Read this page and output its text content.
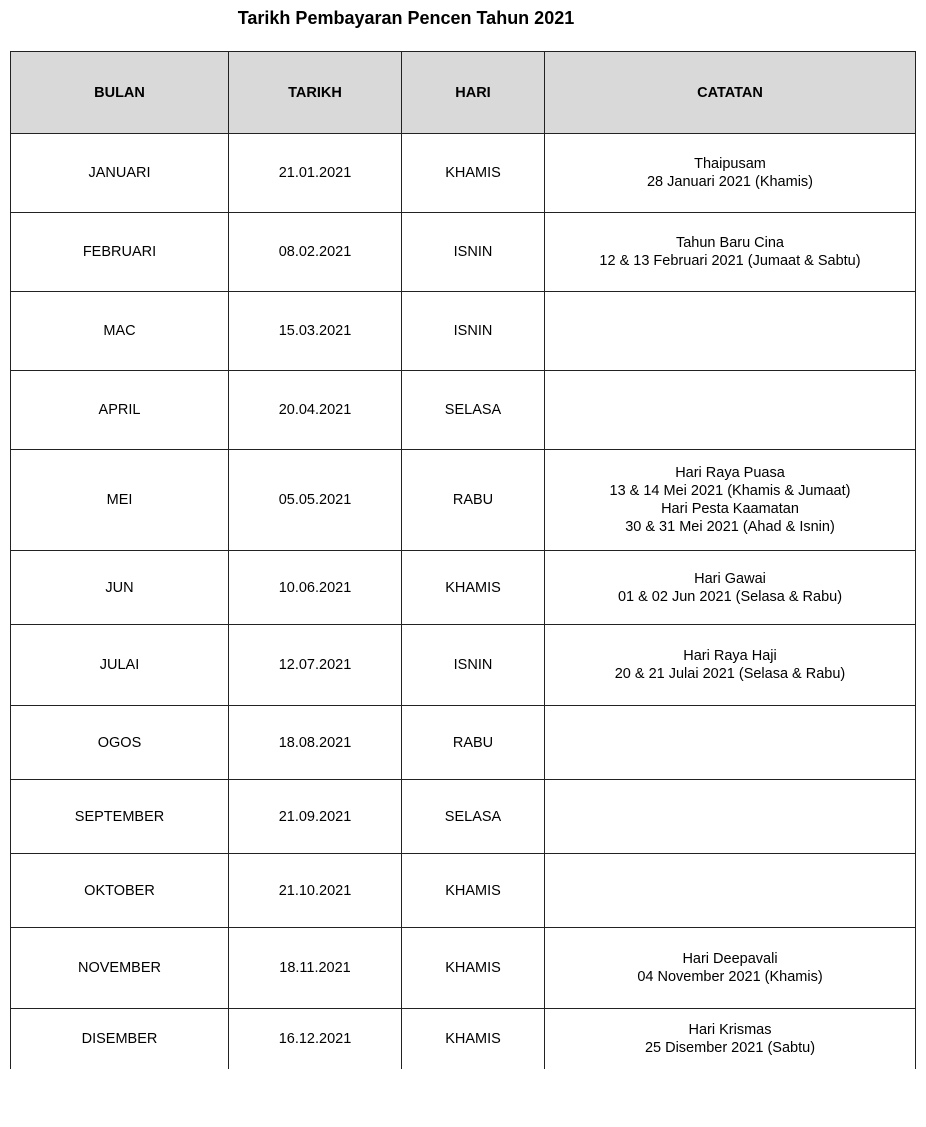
Tarikh Pembayaran Pencen Tahun 2021
BULAN	TARIKH	HARI	CATATAN
JANUARI	21.01.2021	KHAMIS	Thaipusam
28 Januari 2021 (Khamis)

FEBRUARI	08.02.2021	ISNIN	Tahun Baru Cina
12 & 13 Februari 2021 (Jumaat & Sabtu)

MAC	15.03.2021	ISNIN	
APRIL	20.04.2021	SELASA	
MEI	05.05.2021	RABU	Hari Raya Puasa
13 & 14 Mei 2021 (Khamis & Jumaat)
Hari Pesta Kaamatan
30 & 31 Mei 2021 (Ahad & Isnin)

JUN	10.06.2021	KHAMIS	Hari Gawai
01 & 02 Jun 2021 (Selasa & Rabu)

JULAI	12.07.2021	ISNIN	Hari Raya Haji
20 & 21 Julai 2021 (Selasa & Rabu)

OGOS	18.08.2021	RABU	
SEPTEMBER	21.09.2021	SELASA	
OKTOBER	21.10.2021	KHAMIS	
NOVEMBER	18.11.2021	KHAMIS	Hari Deepavali
04 November 2021 (Khamis)

DISEMBER	16.12.2021	KHAMIS	Hari Krismas
25 Disember 2021 (Sabtu)
